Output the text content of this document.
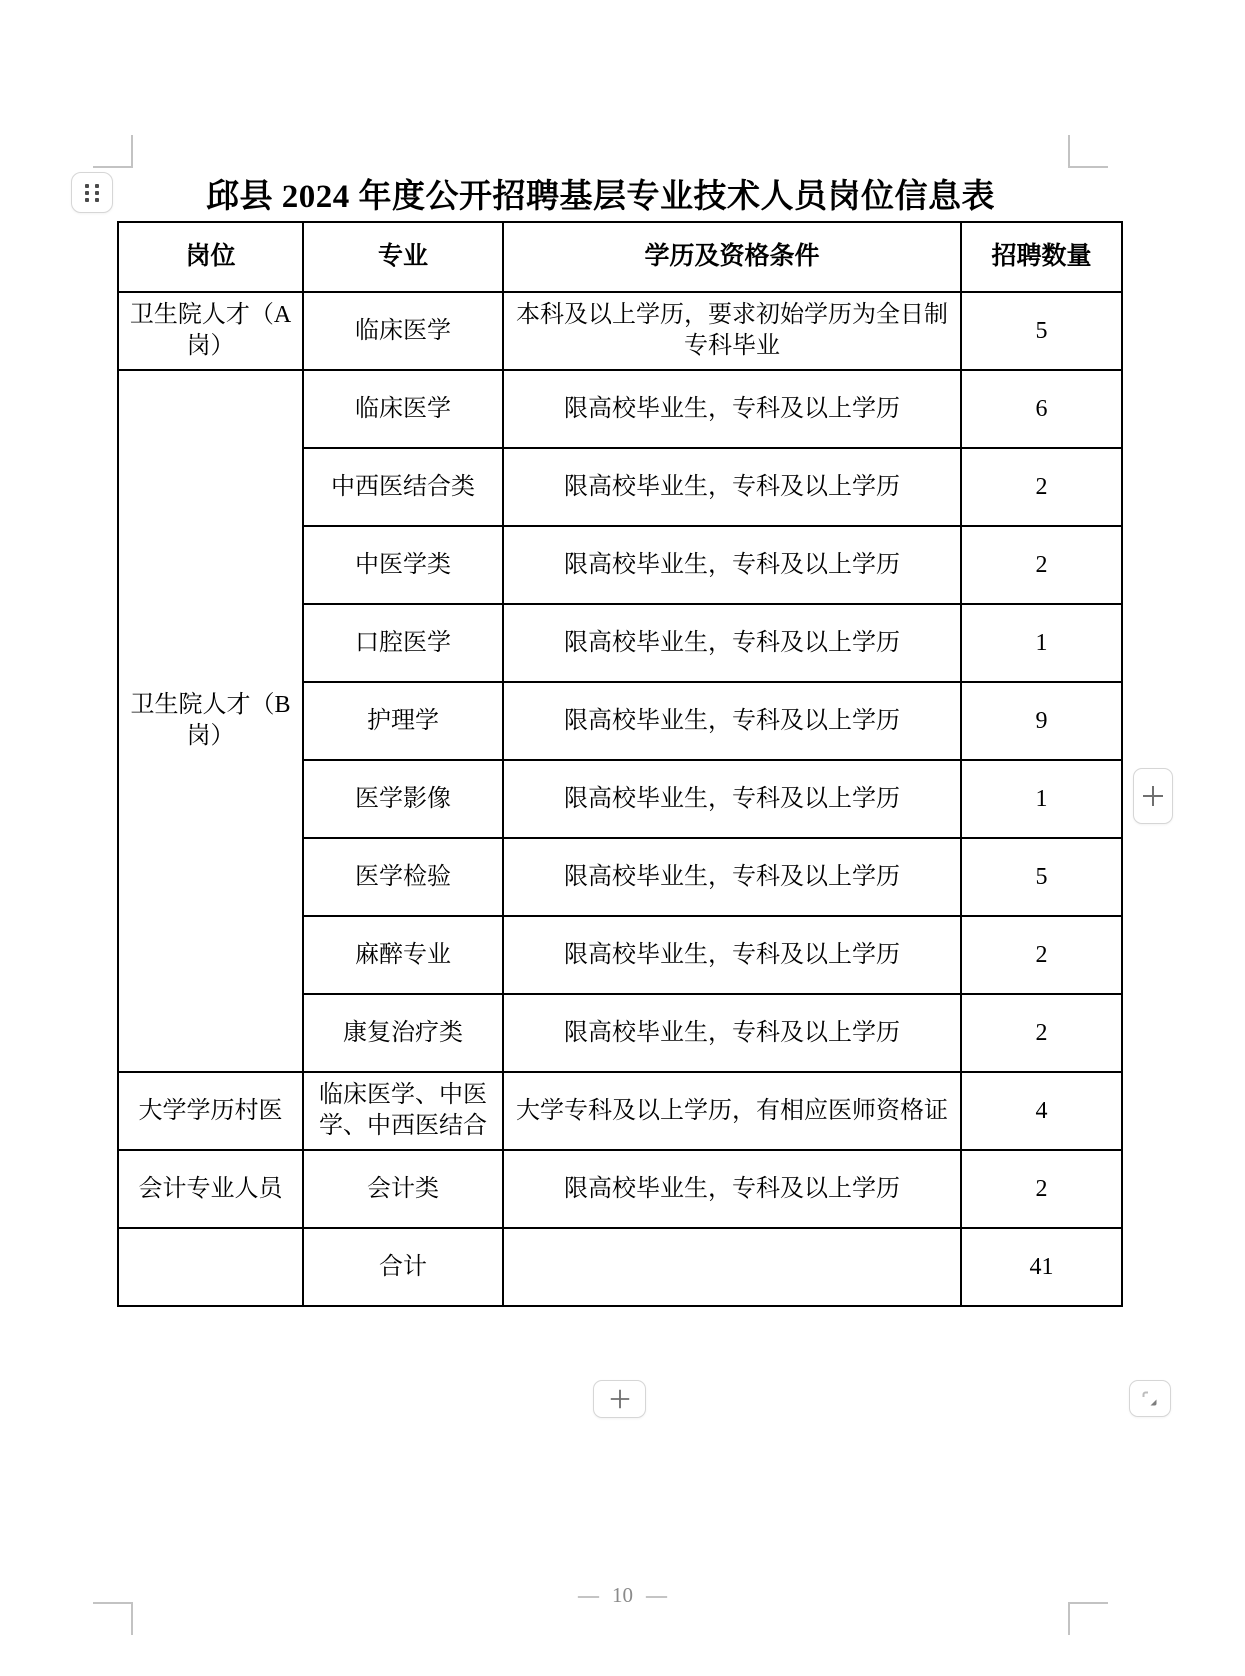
邱县 2024 年度公开招聘基层专业技术人员岗位信息表
岗位	专业	学历及资格条件	招聘数量
卫生院人才（A岗）	临床医学	本科及以上学历，要求初始学历为全日制专科毕业	5
卫生院人才（B岗）	临床医学	限高校毕业生，专科及以上学历	6
	中西医结合类	限高校毕业生，专科及以上学历	2
	中医学类	限高校毕业生，专科及以上学历	2
	口腔医学	限高校毕业生，专科及以上学历	1
	护理学	限高校毕业生，专科及以上学历	9
	医学影像	限高校毕业生，专科及以上学历	1
	医学检验	限高校毕业生，专科及以上学历	5
	麻醉专业	限高校毕业生，专科及以上学历	2
	康复治疗类	限高校毕业生，专科及以上学历	2
大学学历村医	临床医学、中医学、中西医结合	大学专科及以上学历，有相应医师资格证	4
会计专业人员	会计类	限高校毕业生，专科及以上学历	2
	合计		41
— 10 —
